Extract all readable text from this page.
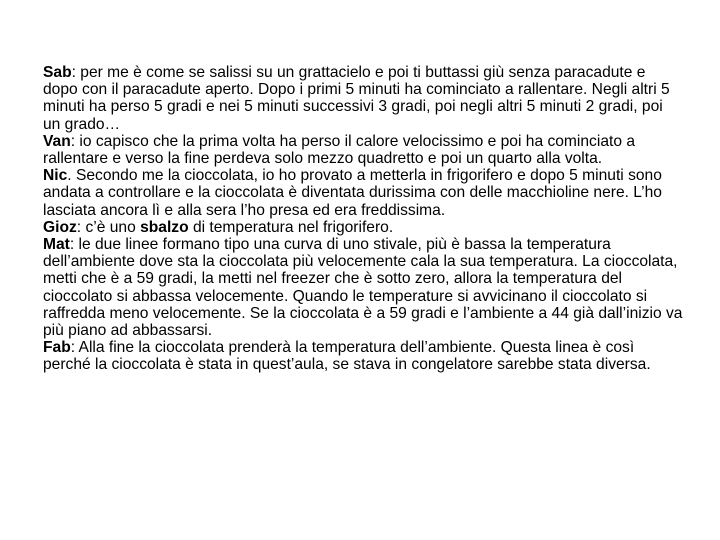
Sab: per me è come se salissi su un grattacielo e poi ti buttassi giù senza paracadute e dopo con il paracadute aperto. Dopo i primi 5 minuti ha cominciato a rallentare. Negli altri 5 minuti ha perso 5 gradi e nei 5 minuti successivi 3 gradi, poi negli altri 5 minuti 2 gradi, poi un grado…

Van: io capisco che la prima volta ha perso il calore velocissimo e poi ha cominciato a rallentare e verso la fine perdeva solo mezzo quadretto e poi un quarto alla volta.

Nic. Secondo me la cioccolata, io ho provato a metterla in frigorifero e dopo 5 minuti sono andata a controllare e la cioccolata è diventata durissima con delle macchioline nere. L’ho lasciata ancora lì e alla sera l’ho presa ed era freddissima.

Gioz: c’è uno sbalzo di temperatura nel frigorifero.

Mat: le due linee formano tipo una curva di uno stivale, più è bassa la temperatura dell’ambiente dove sta la cioccolata più velocemente cala la sua temperatura. La cioccolata, metti che è a 59 gradi, la metti nel freezer che è sotto zero, allora la temperatura del cioccolato si abbassa velocemente. Quando le temperature si avvicinano il cioccolato si raffredda meno velocemente. Se la cioccolata è a 59 gradi e l’ambiente a 44 già dall’inizio va più piano ad abbassarsi.

Fab: Alla fine la cioccolata prenderà la temperatura dell’ambiente. Questa linea è così perché la cioccolata è stata in quest’aula, se stava in congelatore sarebbe stata diversa.
